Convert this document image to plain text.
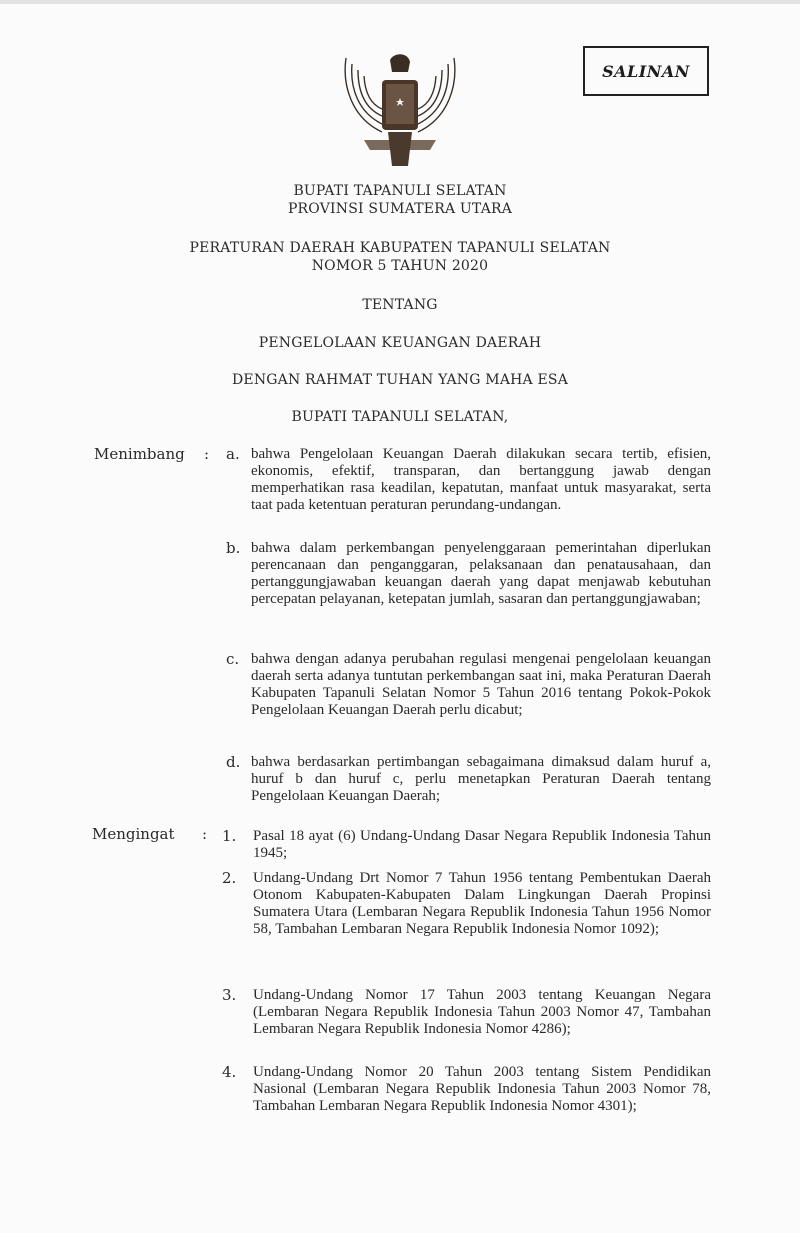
SALINAN
BUPATI TAPANULI SELATAN
PROVINSI SUMATERA UTARA
PERATURAN DAERAH KABUPATEN TAPANULI SELATAN
NOMOR 5 TAHUN 2020
TENTANG
PENGELOLAAN KEUANGAN DAERAH
DENGAN RAHMAT TUHAN YANG MAHA ESA
BUPATI TAPANULI SELATAN,
Menimbang : a. bahwa Pengelolaan Keuangan Daerah dilakukan secara tertib, efisien, ekonomis, efektif, transparan, dan bertanggung jawab dengan memperhatikan rasa keadilan, kepatutan, manfaat untuk masyarakat, serta taat pada ketentuan peraturan perundang-undangan.
b. bahwa dalam perkembangan penyelenggaraan pemerintahan diperlukan perencanaan dan penganggaran, pelaksanaan dan penatausahaan, dan pertanggungjawaban keuangan daerah yang dapat menjawab kebutuhan percepatan pelayanan, ketepatan jumlah, sasaran dan pertanggungjawaban;
c. bahwa dengan adanya perubahan regulasi mengenai pengelolaan keuangan daerah serta adanya tuntutan perkembangan saat ini, maka Peraturan Daerah Kabupaten Tapanuli Selatan Nomor 5 Tahun 2016 tentang Pokok-Pokok Pengelolaan Keuangan Daerah perlu dicabut;
d. bahwa berdasarkan pertimbangan sebagaimana dimaksud dalam huruf a, huruf b dan huruf c, perlu menetapkan Peraturan Daerah tentang Pengelolaan Keuangan Daerah;
Mengingat : 1. Pasal 18 ayat (6) Undang-Undang Dasar Negara Republik Indonesia Tahun 1945;
2. Undang-Undang Drt Nomor 7 Tahun 1956 tentang Pembentukan Daerah Otonom Kabupaten-Kabupaten Dalam Lingkungan Daerah Propinsi Sumatera Utara (Lembaran Negara Republik Indonesia Tahun 1956 Nomor 58, Tambahan Lembaran Negara Republik Indonesia Nomor 1092);
3. Undang-Undang Nomor 17 Tahun 2003 tentang Keuangan Negara (Lembaran Negara Republik Indonesia Tahun 2003 Nomor 47, Tambahan Lembaran Negara Republik Indonesia Nomor 4286);
4. Undang-Undang Nomor 20 Tahun 2003 tentang Sistem Pendidikan Nasional (Lembaran Negara Republik Indonesia Tahun 2003 Nomor 78, Tambahan Lembaran Negara Republik Indonesia Nomor 4301);
